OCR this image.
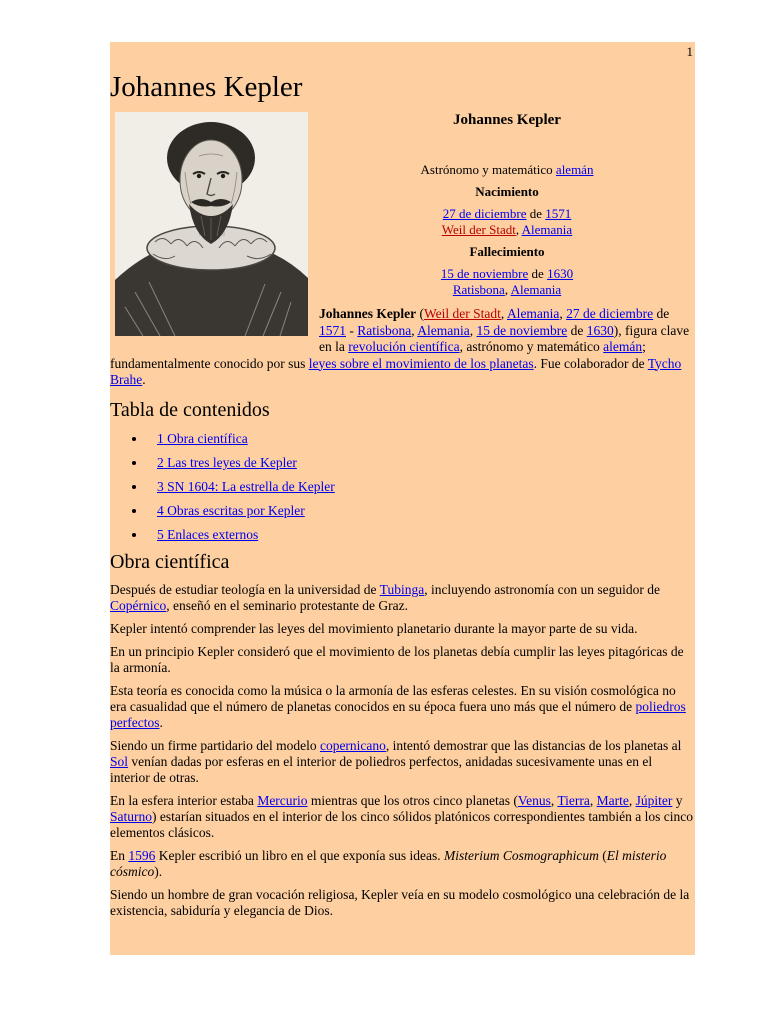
1
Johannes Kepler
Johannes Kepler
Astrónomo y matemático alemán
Nacimiento
27 de diciembre de 1571
Weil der Stadt, Alemania
Fallecimiento
15 de noviembre de 1630
Ratisbona, Alemania
Johannes Kepler (Weil der Stadt, Alemania, 27 de diciembre de 1571 - Ratisbona, Alemania, 15 de noviembre de 1630), figura clave en la revolución científica, astrónomo y matemático alemán; fundamentalmente conocido por sus leyes sobre el movimiento de los planetas. Fue colaborador de Tycho Brahe.
Tabla de contenidos
1 Obra científica
2 Las tres leyes de Kepler
3 SN 1604: La estrella de Kepler
4 Obras escritas por Kepler
5 Enlaces externos
Obra científica

Después de estudiar teología en la universidad de Tubinga, incluyendo astronomía con un seguidor de Copérnico, enseñó en el seminario protestante de Graz.

Kepler intentó comprender las leyes del movimiento planetario durante la mayor parte de su vida.

En un principio Kepler consideró que el movimiento de los planetas debía cumplir las leyes pitagóricas de la armonía.

Esta teoría es conocida como la música o la armonía de las esferas celestes. En su visión cosmológica no era casualidad que el número de planetas conocidos en su época fuera uno más que el número de poliedros perfectos.

Siendo un firme partidario del modelo copernicano, intentó demostrar que las distancias de los planetas al Sol venían dadas por esferas en el interior de poliedros perfectos, anidadas sucesivamente unas en el interior de otras.

En la esfera interior estaba Mercurio mientras que los otros cinco planetas (Venus, Tierra, Marte, Júpiter y Saturno) estarían situados en el interior de los cinco sólidos platónicos correspondientes también a los cinco elementos clásicos.

En 1596 Kepler escribió un libro en el que exponía sus ideas. Misterium Cosmographicum (El misterio cósmico).

Siendo un hombre de gran vocación religiosa, Kepler veía en su modelo cosmológico una celebración de la existencia, sabiduría y elegancia de Dios.
